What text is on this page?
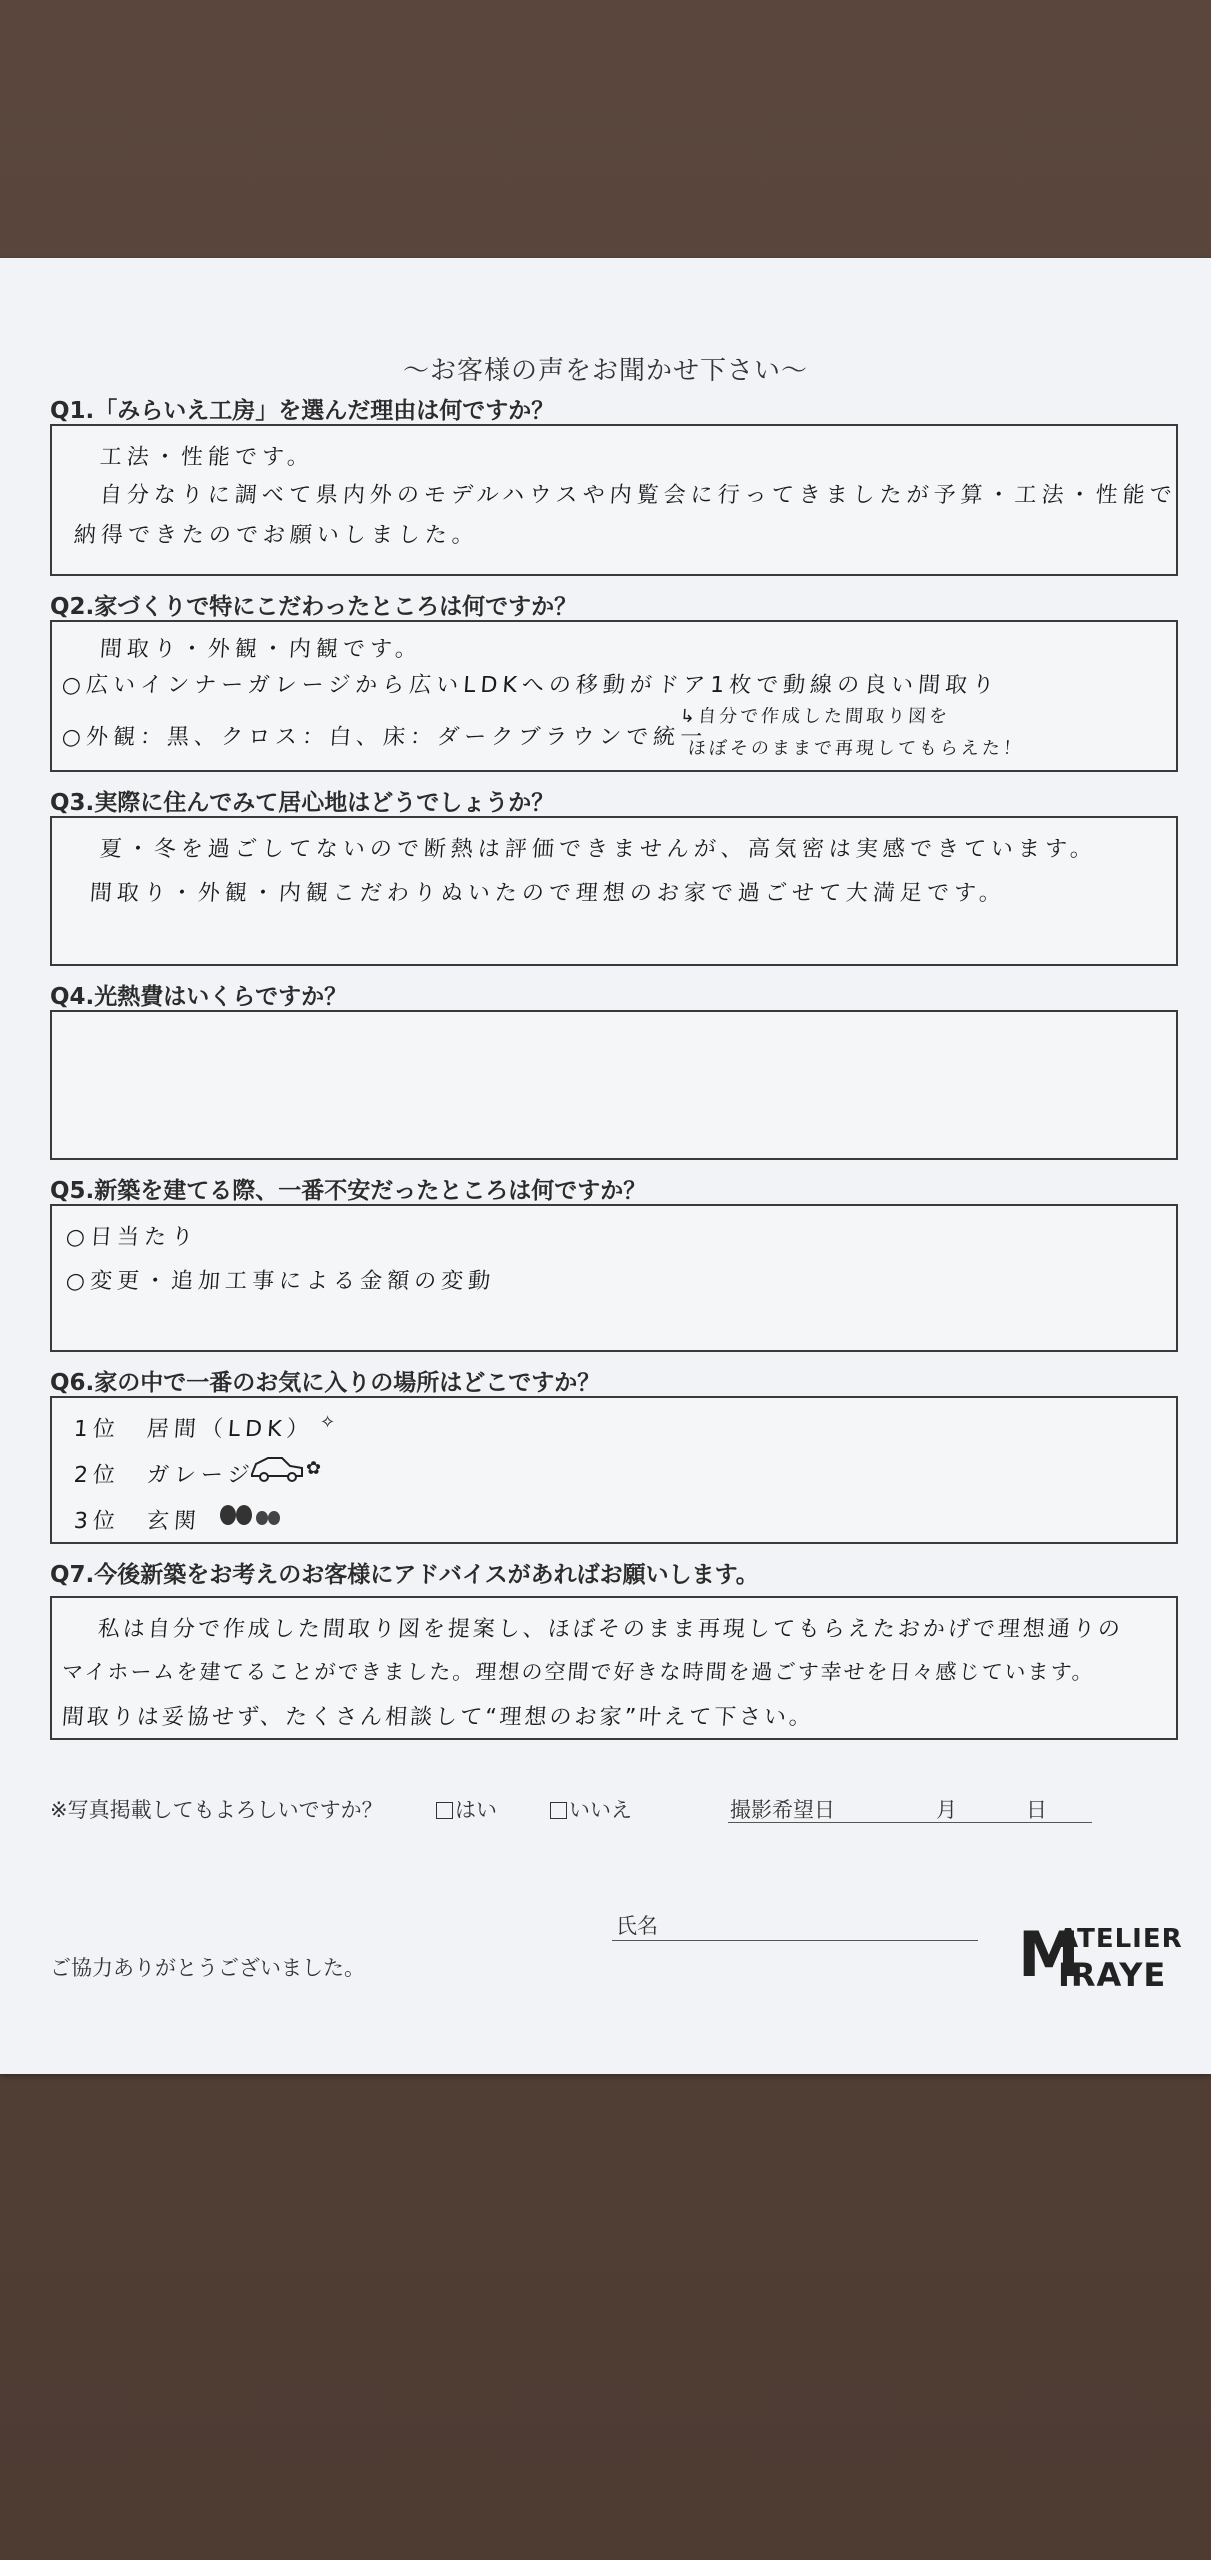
〜お客様の声をお聞かせ下さい〜
Q1.「みらいえ工房」を選んだ理由は何ですか？
工法・性能です。
自分なりに調べて県内外のモデルハウスや内覧会に行ってきましたが予算・工法・性能で
納得できたのでお願いしました。
Q2.家づくりで特にこだわったところは何ですか？
間取り・外観・内観です。
○広いインナーガレージから広いLDKへの移動がドア1枚で動線の良い間取り
○外観：黒、クロス：白、床：ダークブラウンで統一
↳自分で作成した間取り図を
ほぼそのままで再現してもらえた！
Q3.実際に住んでみて居心地はどうでしょうか？
夏・冬を過ごしてないので断熱は評価できませんが、高気密は実感できています。
間取り・外観・内観こだわりぬいたので理想のお家で過ごせて大満足です。
Q4.光熱費はいくらですか？
Q5.新築を建てる際、一番不安だったところは何ですか？
○日当たり
○変更・追加工事による金額の変動
Q6.家の中で一番のお気に入りの場所はどこですか？
1位　居間（LDK） ✧
2位　ガレージ	✿
3位　玄関
Q7.今後新築をお考えのお客様にアドバイスがあればお願いします。
私は自分で作成した間取り図を提案し、ほぼそのまま再現してもらえたおかげで理想通りの
マイホームを建てることができました。理想の空間で好きな時間を過ごす幸せを日々感じています。
間取りは妥協せず、たくさん相談して“理想のお家”叶えて下さい。
※写真掲載してもよろしいですか？	はい	いいえ	撮影希望日	月	日
氏名
ご協力ありがとうございました。	M
ATELIER
IRAYE
